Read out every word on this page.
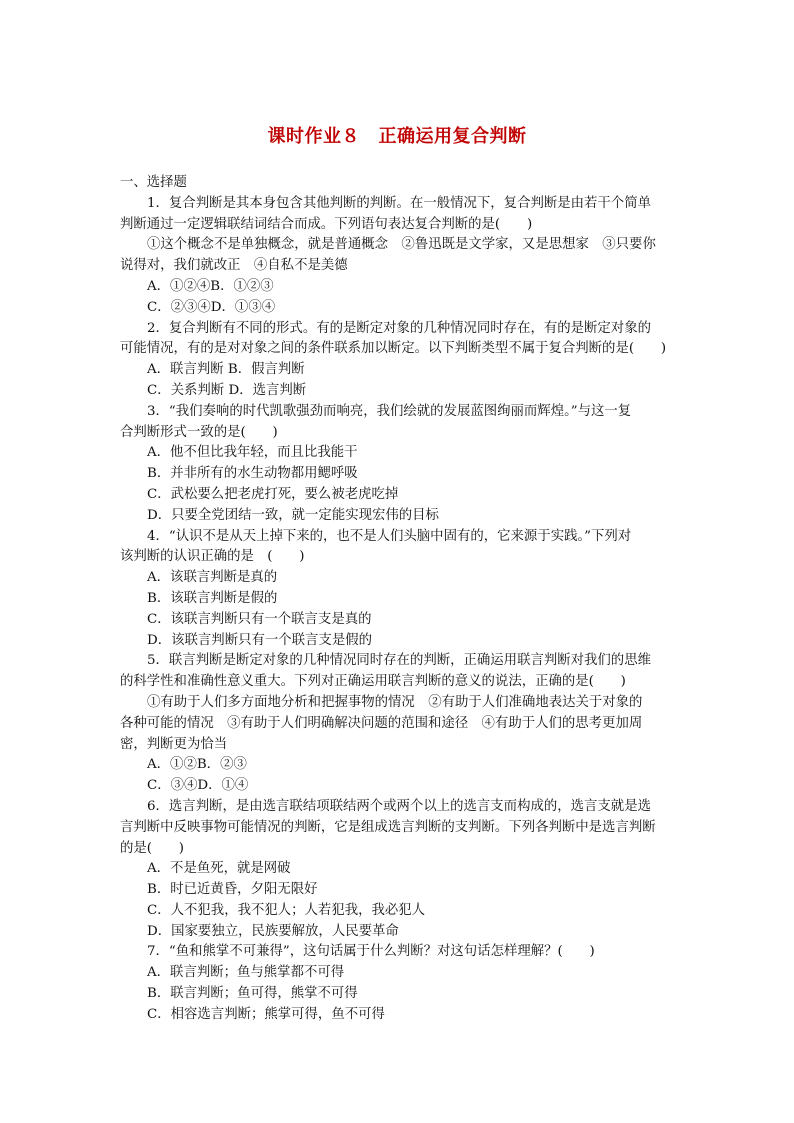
课时作业８　正确运用复合判断
一、选择题
1．复合判断是其本身包含其他判断的判断。在一般情况下，复合判断是由若干个简单
判断通过一定逻辑联结词结合而成。下列语句表达复合判断的是(　　)
①这个概念不是单独概念，就是普通概念　②鲁迅既是文学家，又是思想家　③只要你
说得对，我们就改正　④自私不是美德
A．①②④B．①②③
C．②③④D．①③④
2．复合判断有不同的形式。有的是断定对象的几种情况同时存在，有的是断定对象的
可能情况，有的是对对象之间的条件联系加以断定。以下判断类型不属于复合判断的是(　　)
A．联言判断 B．假言判断
C．关系判断 D．选言判断
3．“我们奏响的时代凯歌强劲而响亮，我们绘就的发展蓝图绚丽而辉煌。”与这一复
合判断形式一致的是(　　)
A．他不但比我年轻，而且比我能干
B．并非所有的水生动物都用鳃呼吸
C．武松要么把老虎打死，要么被老虎吃掉
D．只要全党团结一致，就一定能实现宏伟的目标
4．“认识不是从天上掉下来的，也不是人们头脑中固有的，它来源于实践。”下列对
该判断的认识正确的是　(　　)
A．该联言判断是真的
B．该联言判断是假的
C．该联言判断只有一个联言支是真的
D．该联言判断只有一个联言支是假的
5．联言判断是断定对象的几种情况同时存在的判断，正确运用联言判断对我们的思维
的科学性和准确性意义重大。下列对正确运用联言判断的意义的说法，正确的是(　　)
①有助于人们多方面地分析和把握事物的情况　②有助于人们准确地表达关于对象的
各种可能的情况　③有助于人们明确解决问题的范围和途径　④有助于人们的思考更加周
密，判断更为恰当
A．①②B．②③
C．③④D．①④
6．选言判断，是由选言联结项联结两个或两个以上的选言支而构成的，选言支就是选
言判断中反映事物可能情况的判断，它是组成选言判断的支判断。下列各判断中是选言判断
的是(　　)
A．不是鱼死，就是网破
B．时已近黄昏，夕阳无限好
C．人不犯我，我不犯人；人若犯我，我必犯人
D．国家要独立，民族要解放，人民要革命
7．“鱼和熊掌不可兼得”，这句话属于什么判断？对这句话怎样理解？(　　)
A．联言判断；鱼与熊掌都不可得
B．联言判断；鱼可得，熊掌不可得
C．相容选言判断；熊掌可得，鱼不可得
